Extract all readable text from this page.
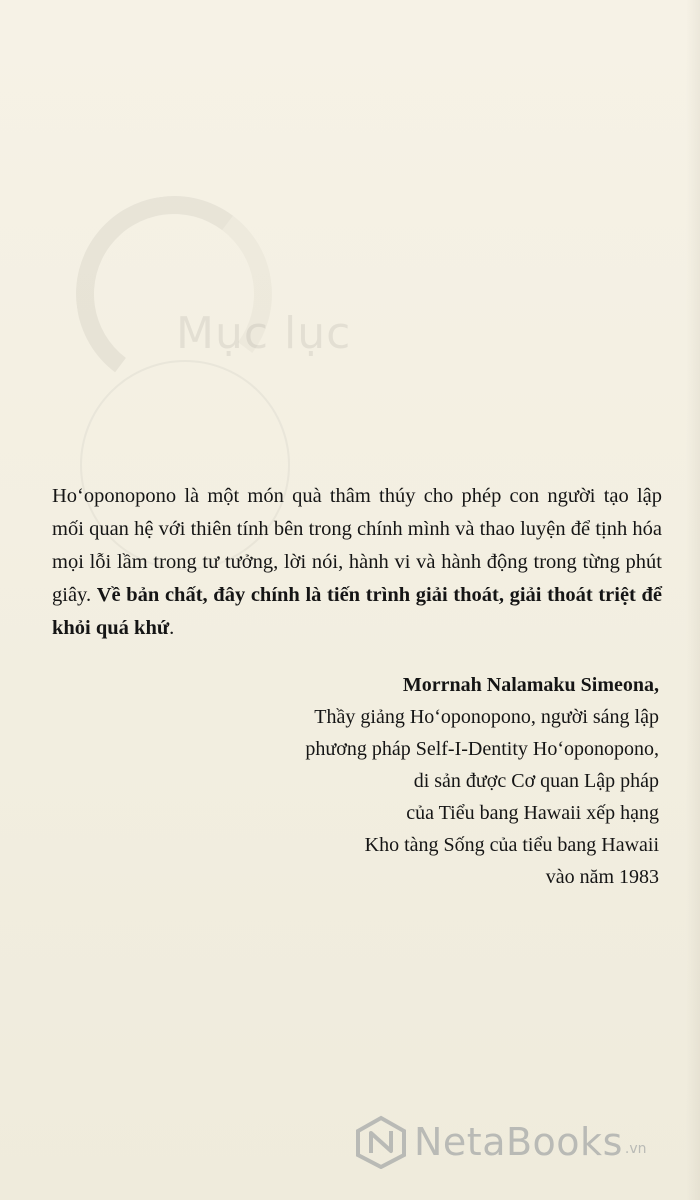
Mục lục
Hoʻoponopono là một món quà thâm thúy cho phép con người tạo lập mối quan hệ với thiên tính bên trong chính mình và thao luyện để tịnh hóa mọi lỗi lầm trong tư tưởng, lời nói, hành vi và hành động trong từng phút giây. Về bản chất, đây chính là tiến trình giải thoát, giải thoát triệt để khỏi quá khứ.
Morrnah Nalamaku Simeona,
Thầy giảng Hoʻoponopono, người sáng lập
phương pháp Self-I-Dentity Hoʻoponopono,
di sản được Cơ quan Lập pháp
của Tiểu bang Hawaii xếp hạng
Kho tàng Sống của tiểu bang Hawaii
vào năm 1983
NetaBooks .vn
